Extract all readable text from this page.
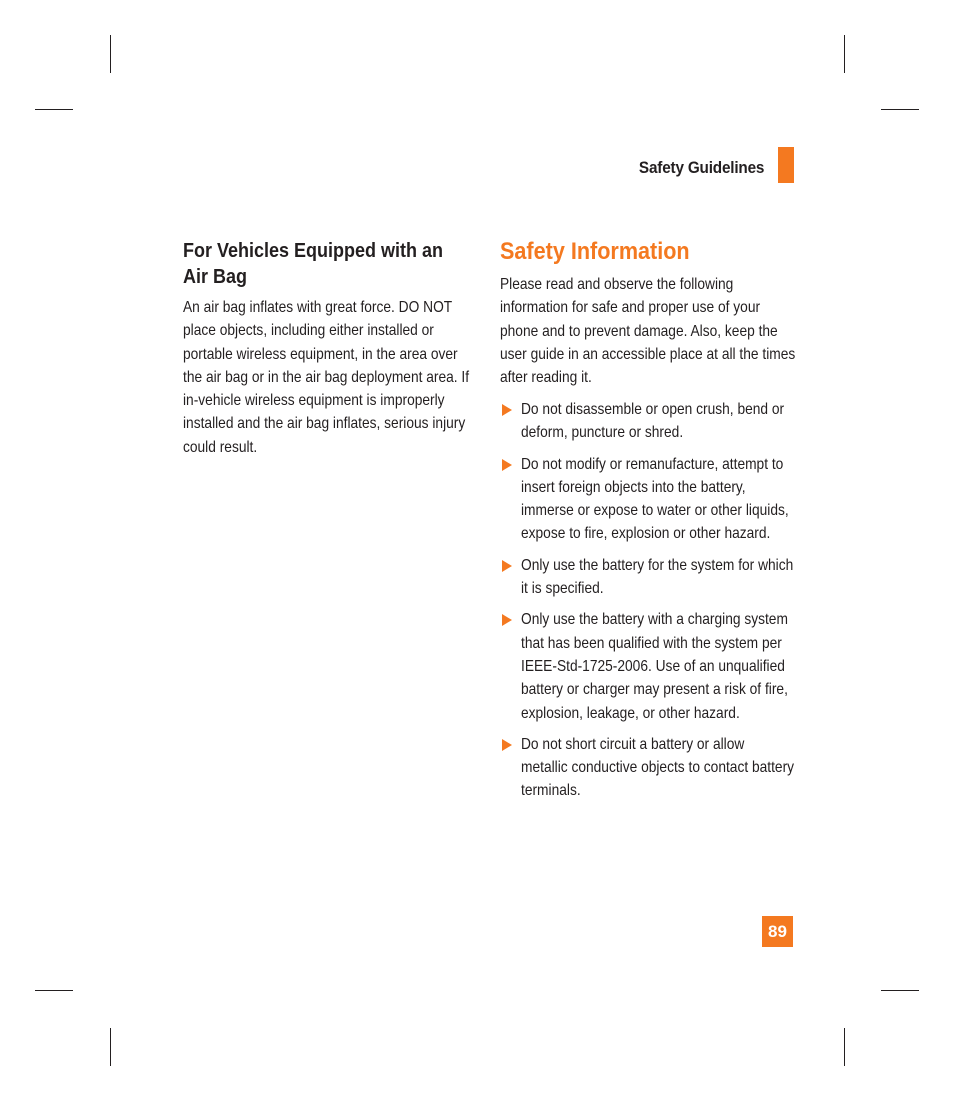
Safety Guidelines
For Vehicles Equipped with an Air Bag

An air bag inflates with great force. DO NOT place objects, including either installed or portable wireless equipment, in the area over the air bag or in the air bag deployment area. If in-vehicle wireless equipment is improperly installed and the air bag inflates, serious injury could result.

Safety Information

Please read and observe the following information for safe and proper use of your phone and to prevent damage. Also, keep the user guide in an accessible place at all the times after reading it.

Do not disassemble or open crush, bend or deform, puncture or shred.
Do not modify or remanufacture, attempt to insert foreign objects into the battery, immerse or expose to water or other liquids, expose to fire, explosion or other hazard.
Only use the battery for the system for which it is specified.
Only use the battery with a charging system that has been qualified with the system per IEEE-Std-1725-2006. Use of an unqualified battery or charger may present a risk of fire, explosion, leakage, or other hazard.
Do not short circuit a battery or allow metallic conductive objects to contact battery terminals.
89
